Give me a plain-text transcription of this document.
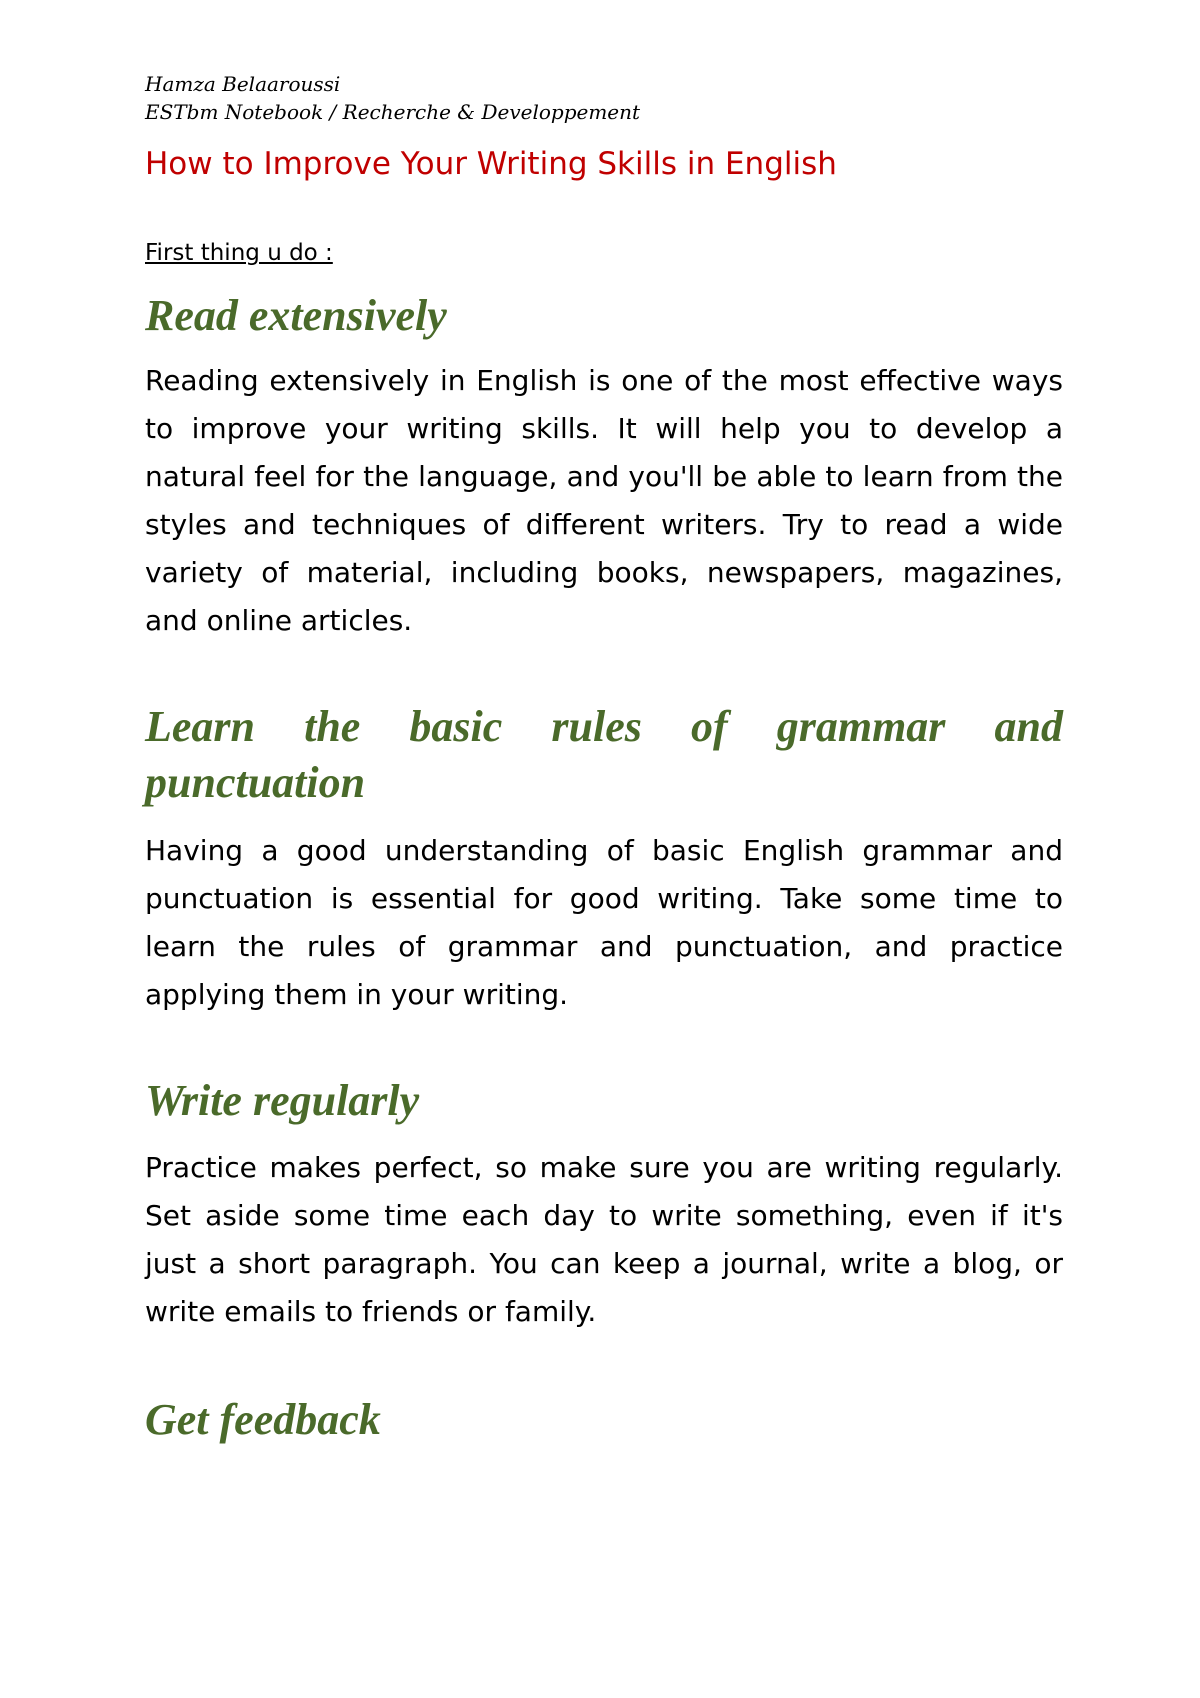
Hamza Belaaroussi

ESTbm Notebook / Recherche & Developpement

How to Improve Your Writing Skills in English

First thing u do :

Read extensively

Reading extensively in English is one of the most effective ways to improve your writing skills. It will help you to develop a natural feel for the language, and you'll be able to learn from the styles and techniques of different writers. Try to read a wide variety of material, including books, newspapers, magazines, and online articles.

Learn the basic rules of grammar and punctuation

Having a good understanding of basic English grammar and punctuation is essential for good writing. Take some time to learn the rules of grammar and punctuation, and practice applying them in your writing.

Write regularly

Practice makes perfect, so make sure you are writing regularly. Set aside some time each day to write something, even if it's just a short paragraph. You can keep a journal, write a blog, or write emails to friends or family.

Get feedback
